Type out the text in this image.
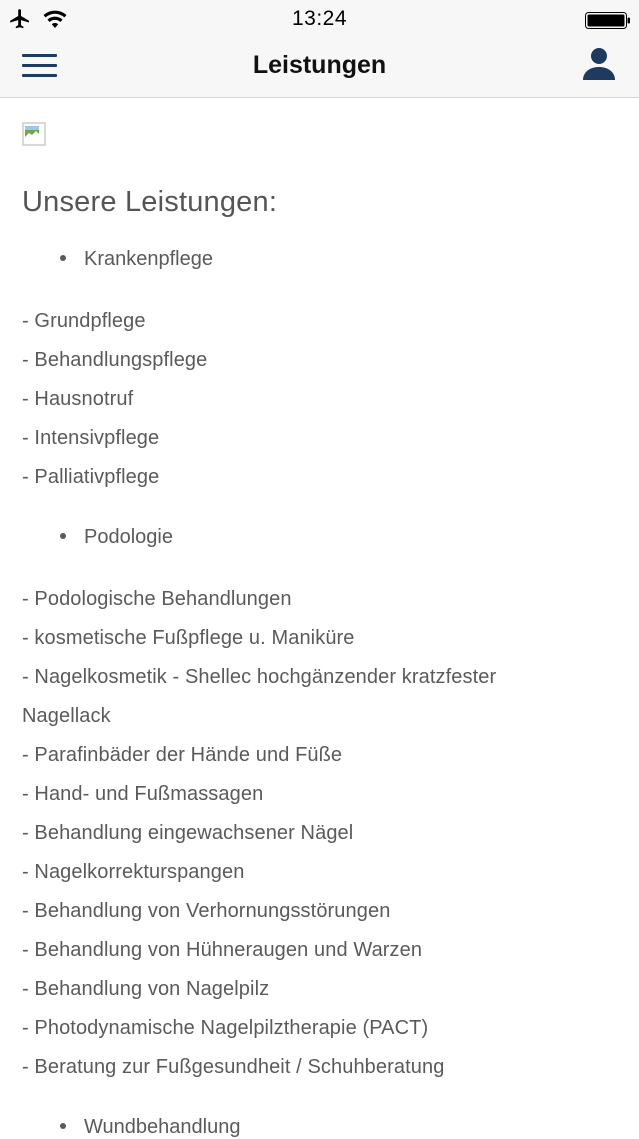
13:24
Leistungen
Unsere Leistungen:
Krankenpflege
- Grundpflege
- Behandlungspflege
- Hausnotruf
- Intensivpflege
- Palliativpflege
Podologie
- Podologische Behandlungen
- kosmetische Fußpflege u. Maniküre
- Nagelkosmetik - Shellec hochgänzender kratzfester
Nagellack
- Parafinbäder der Hände und Füße
- Hand- und Fußmassagen
- Behandlung eingewachsener Nägel
- Nagelkorrekturspangen
- Behandlung von Verhornungsstörungen
- Behandlung von Hühneraugen und Warzen
- Behandlung von Nagelpilz
- Photodynamische Nagelpilztherapie (PACT)
- Beratung zur Fußgesundheit / Schuhberatung
Wundbehandlung
